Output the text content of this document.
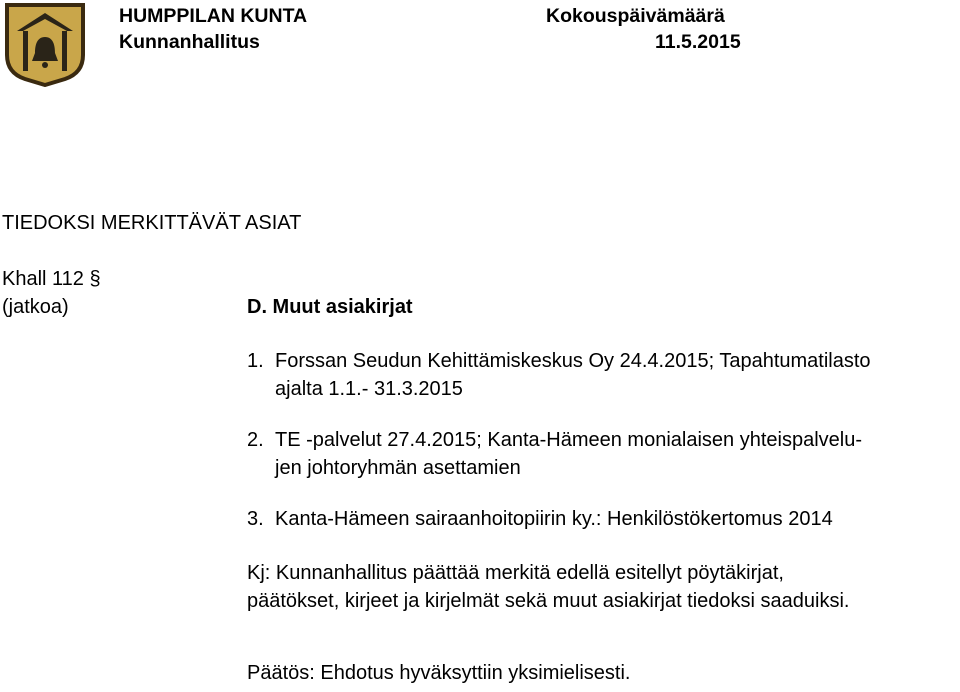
HUMPPILAN KUNTA
Kunnanhallitus
Kokouspäivämäärä
11.5.2015
TIEDOKSI MERKITTÄVÄT ASIAT
Khall 112 §
(jatkoa)	D. Muut asiakirjat
1. Forssan Seudun Kehittämiskeskus Oy 24.4.2015; Tapahtumatilasto
ajalta 1.1.- 31.3.2015
2. TE -palvelut 27.4.2015; Kanta-Hämeen monialaisen yhteispalvelu-
jen johtoryhmän asettamien
3. Kanta-Hämeen sairaanhoitopiirin ky.: Henkilöstökertomus 2014
Kj: Kunnanhallitus päättää merkitä edellä esitellyt pöytäkirjat,
päätökset, kirjeet ja kirjelmät sekä muut asiakirjat tiedoksi saaduiksi.
Päätös: Ehdotus hyväksyttiin yksimielisesti.
